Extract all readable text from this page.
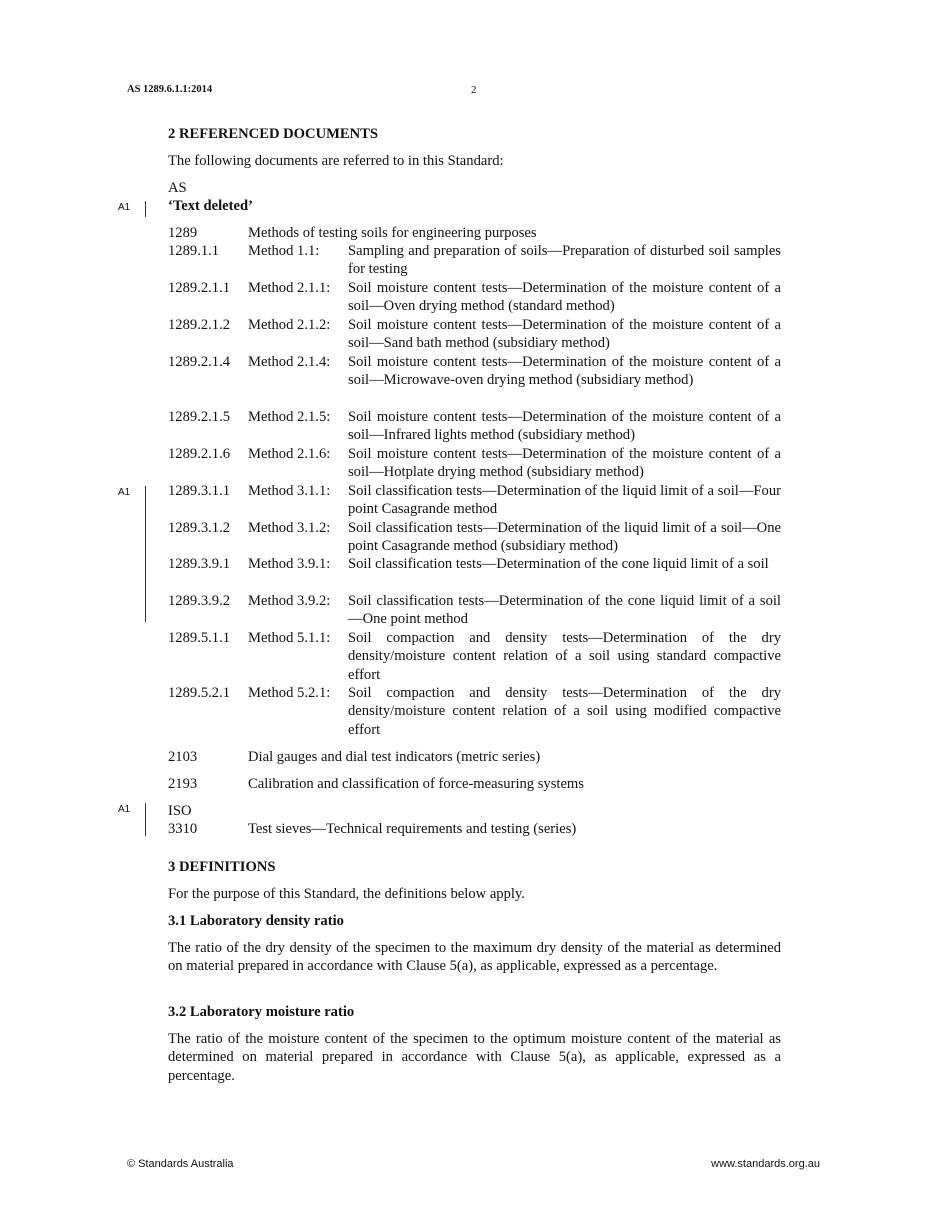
AS 1289.6.1.1:2014	2
A1
A1
A1
2 REFERENCED DOCUMENTS
The following documents are referred to in this Standard:
AS
‘Text deleted’
1289	Methods of testing soils for engineering purposes
1289.1.1 Method 1.1: Sampling and preparation of soils—Preparation of disturbed soil samples for testing
1289.2.1.1 Method 2.1.1: Soil moisture content tests—Determination of the moisture content of a soil—Oven drying method (standard method)
1289.2.1.2 Method 2.1.2: Soil moisture content tests—Determination of the moisture content of a soil—Sand bath method (subsidiary method)
1289.2.1.4 Method 2.1.4: Soil moisture content tests—Determination of the moisture content of a soil—Microwave-oven drying method (subsidiary method)
1289.2.1.5 Method 2.1.5: Soil moisture content tests—Determination of the moisture content of a soil—Infrared lights method (subsidiary method)
1289.2.1.6 Method 2.1.6: Soil moisture content tests—Determination of the moisture content of a soil—Hotplate drying method (subsidiary method)
1289.3.1.1 Method 3.1.1: Soil classification tests—Determination of the liquid limit of a soil—Four point Casagrande method
1289.3.1.2 Method 3.1.2: Soil classification tests—Determination of the liquid limit of a soil—One point Casagrande method (subsidiary method)
1289.3.9.1 Method 3.9.1: Soil classification tests—Determination of the cone liquid limit of a soil
1289.3.9.2 Method 3.9.2: Soil classification tests—Determination of the cone liquid limit of a soil—One point method
1289.5.1.1 Method 5.1.1: Soil compaction and density tests—Determination of the dry density/moisture content relation of a soil using standard compactive effort
1289.5.2.1 Method 5.2.1: Soil compaction and density tests—Determination of the dry density/moisture content relation of a soil using modified compactive effort
2103	Dial gauges and dial test indicators (metric series)
2193	Calibration and classification of force-measuring systems
ISO
3310	Test sieves—Technical requirements and testing (series)
3 DEFINITIONS
For the purpose of this Standard, the definitions below apply.
3.1 Laboratory density ratio
The ratio of the dry density of the specimen to the maximum dry density of the material as determined on material prepared in accordance with Clause 5(a), as applicable, expressed as a percentage.
3.2 Laboratory moisture ratio
The ratio of the moisture content of the specimen to the optimum moisture content of the material as determined on material prepared in accordance with Clause 5(a), as applicable, expressed as a percentage.
© Standards Australia	www.standards.org.au
